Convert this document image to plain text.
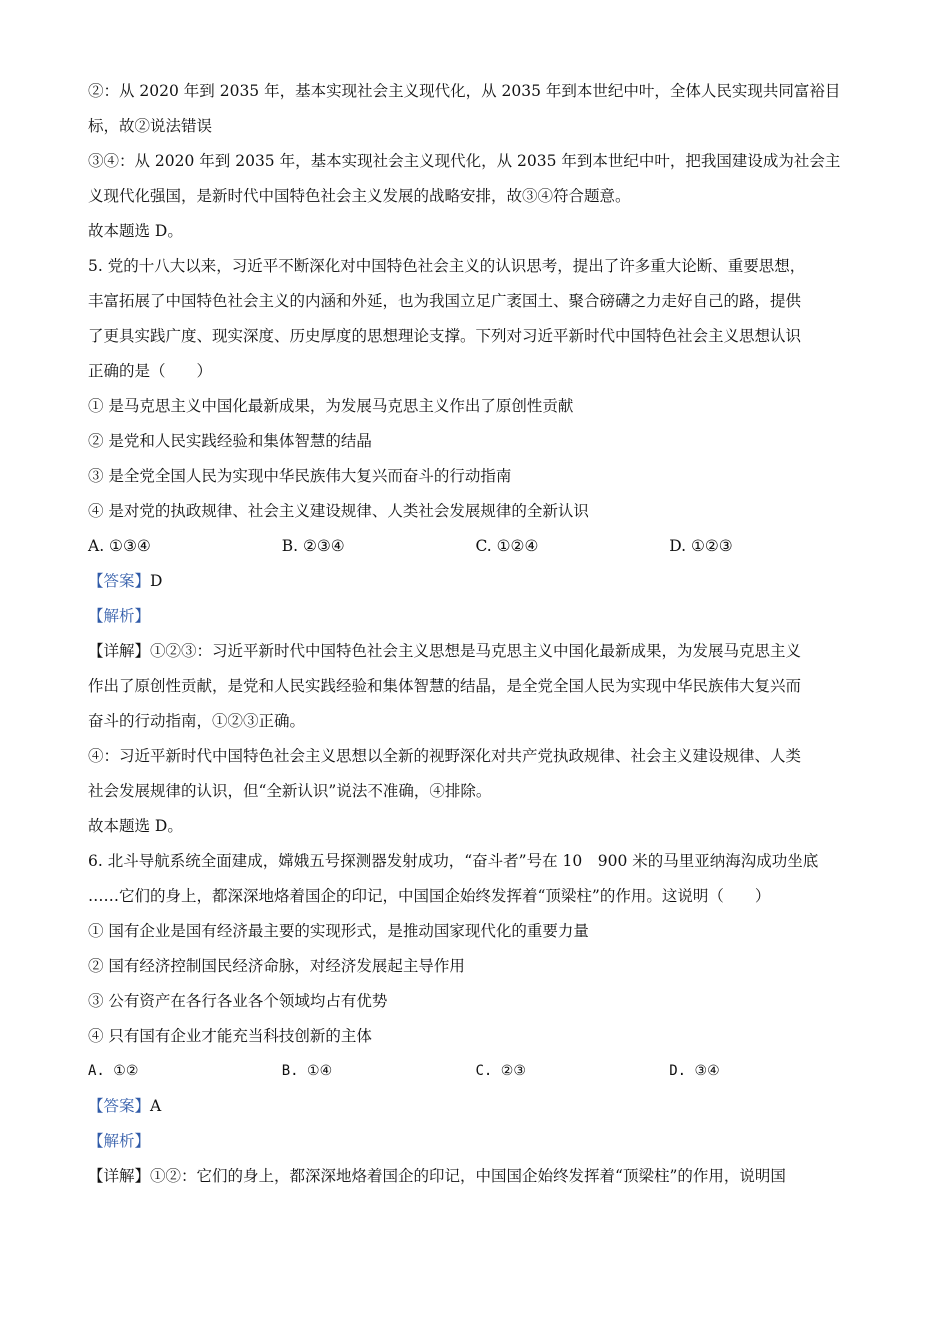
②：从 2020 年到 2035 年，基本实现社会主义现代化，从 2035 年到本世纪中叶，全体人民实现共同富裕目
标，故②说法错误
③④：从 2020 年到 2035 年，基本实现社会主义现代化，从 2035 年到本世纪中叶，把我国建设成为社会主
义现代化强国，是新时代中国特色社会主义发展的战略安排，故③④符合题意。
故本题选 D。
5. 党的十八大以来，习近平不断深化对中国特色社会主义的认识思考，提出了许多重大论断、重要思想，
丰富拓展了中国特色社会主义的内涵和外延，也为我国立足广袤国土、聚合磅礴之力走好自己的路，提供
了更具实践广度、现实深度、历史厚度的思想理论支撑。下列对习近平新时代中国特色社会主义思想认识
正确的是（　　）
① 是马克思主义中国化最新成果，为发展马克思主义作出了原创性贡献
② 是党和人民实践经验和集体智慧的结晶
③ 是全党全国人民为实现中华民族伟大复兴而奋斗的行动指南
④ 是对党的执政规律、社会主义建设规律、人类社会发展规律的全新认识
A. ①③④	B. ②③④	C. ①②④	D. ①②③
【答案】D
【解析】
【详解】①②③：习近平新时代中国特色社会主义思想是马克思主义中国化最新成果，为发展马克思主义
作出了原创性贡献，是党和人民实践经验和集体智慧的结晶，是全党全国人民为实现中华民族伟大复兴而
奋斗的行动指南，①②③正确。
④：习近平新时代中国特色社会主义思想以全新的视野深化对共产党执政规律、社会主义建设规律、人类
社会发展规律的认识，但“全新认识”说法不准确，④排除。
故本题选 D。
6. 北斗导航系统全面建成，嫦娥五号探测器发射成功，“奋斗者”号在 10　900 米的马里亚纳海沟成功坐底
……它们的身上，都深深地烙着国企的印记，中国国企始终发挥着“顶梁柱”的作用。这说明（　　）
① 国有企业是国有经济最主要的实现形式，是推动国家现代化的重要力量
② 国有经济控制国民经济命脉，对经济发展起主导作用
③ 公有资产在各行各业各个领域均占有优势
④ 只有国有企业才能充当科技创新的主体
A. ①②	B. ①④	C. ②③	D. ③④
【答案】A
【解析】
【详解】①②：它们的身上，都深深地烙着国企的印记，中国国企始终发挥着“顶梁柱”的作用，说明国
